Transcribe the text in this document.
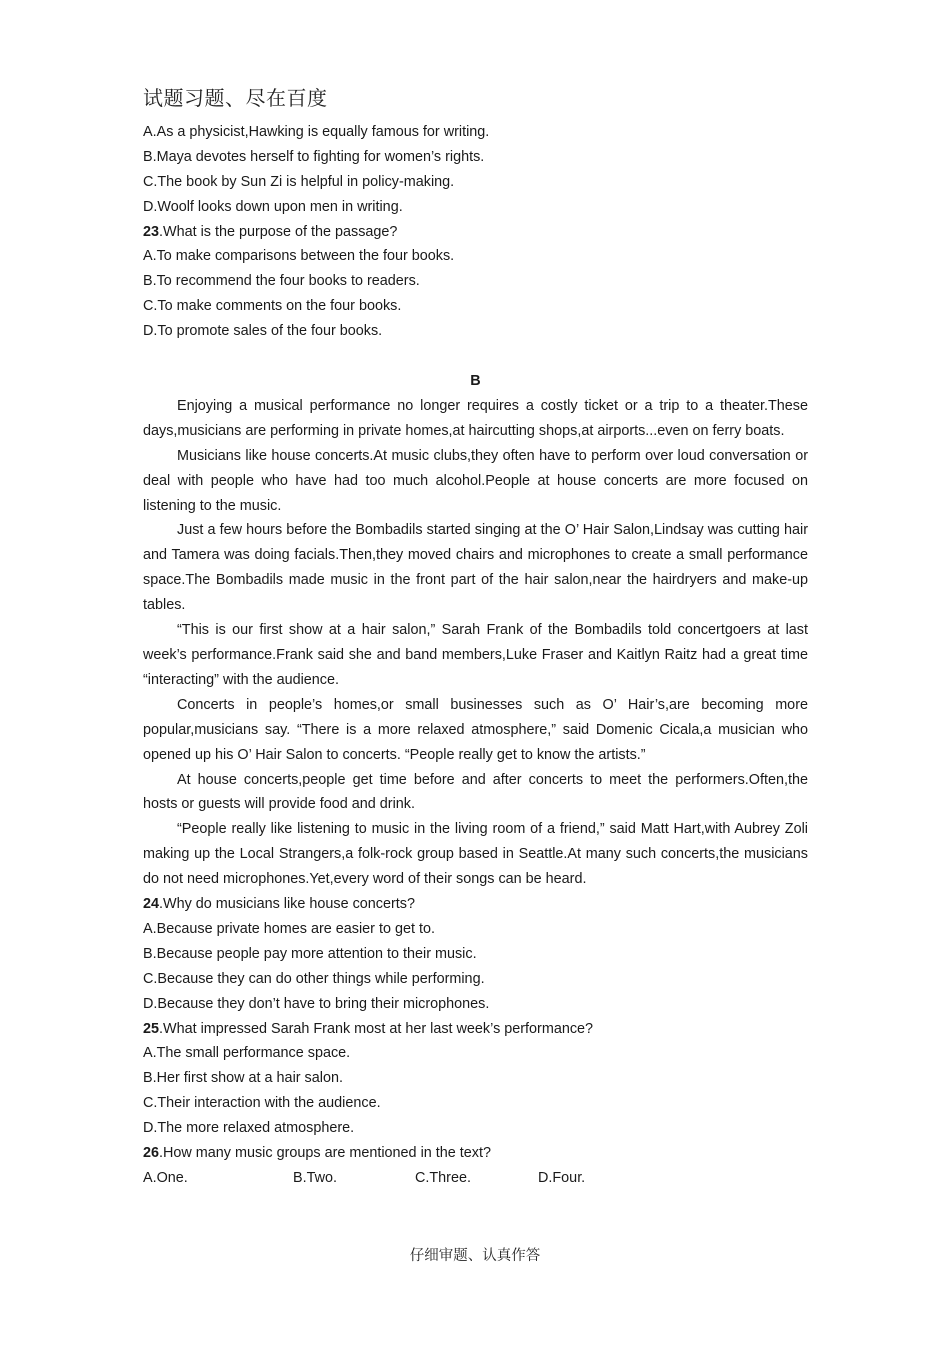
试题习题、尽在百度
A.As a physicist,Hawking is equally famous for writing.
B.Maya devotes herself to fighting for women’s rights.
C.The book by Sun Zi is helpful in policy-making.
D.Woolf looks down upon men in writing.
23.What is the purpose of the passage?
A.To make comparisons between the four books.
B.To recommend the four books to readers.
C.To make comments on the four books.
D.To promote sales of the four books.
B
Enjoying a musical performance no longer requires a costly ticket or a trip to a theater.These days,musicians are performing in private homes,at haircutting shops,at airports...even on ferry boats.
Musicians like house concerts.At music clubs,they often have to perform over loud conversation or deal with people who have had too much alcohol.People at house concerts are more focused on listening to the music.
Just a few hours before the Bombadils started singing at the O’ Hair Salon,Lindsay was cutting hair and Tamera was doing facials.Then,they moved chairs and microphones to create a small performance space.The Bombadils made music in the front part of the hair salon,near the hairdryers and make-up tables.
“This is our first show at a hair salon,” Sarah Frank of the Bombadils told concertgoers at last week’s performance.Frank said she and band members,Luke Fraser and Kaitlyn Raitz had a great time “interacting” with the audience.
Concerts in people’s homes,or small businesses such as O’ Hair’s,are becoming more popular,musicians say. “There is a more relaxed atmosphere,” said Domenic Cicala,a musician who opened up his O’ Hair Salon to concerts. “People really get to know the artists.”
At house concerts,people get time before and after concerts to meet the performers.Often,the hosts or guests will provide food and drink.
“People really like listening to music in the living room of a friend,” said Matt Hart,with Aubrey Zoli making up the Local Strangers,a folk-rock group based in Seattle.At many such concerts,the musicians do not need microphones.Yet,every word of their songs can be heard.
24.Why do musicians like house concerts?
A.Because private homes are easier to get to.
B.Because people pay more attention to their music.
C.Because they can do other things while performing.
D.Because they don’t have to bring their microphones.
25.What impressed Sarah Frank most at her last week’s performance?
A.The small performance space.
B.Her first show at a hair salon.
C.Their interaction with the audience.
D.The more relaxed atmosphere.
26.How many music groups are mentioned in the text?
A.One.	B.Two.	C.Three.	D.Four.
仔细审题、认真作答
